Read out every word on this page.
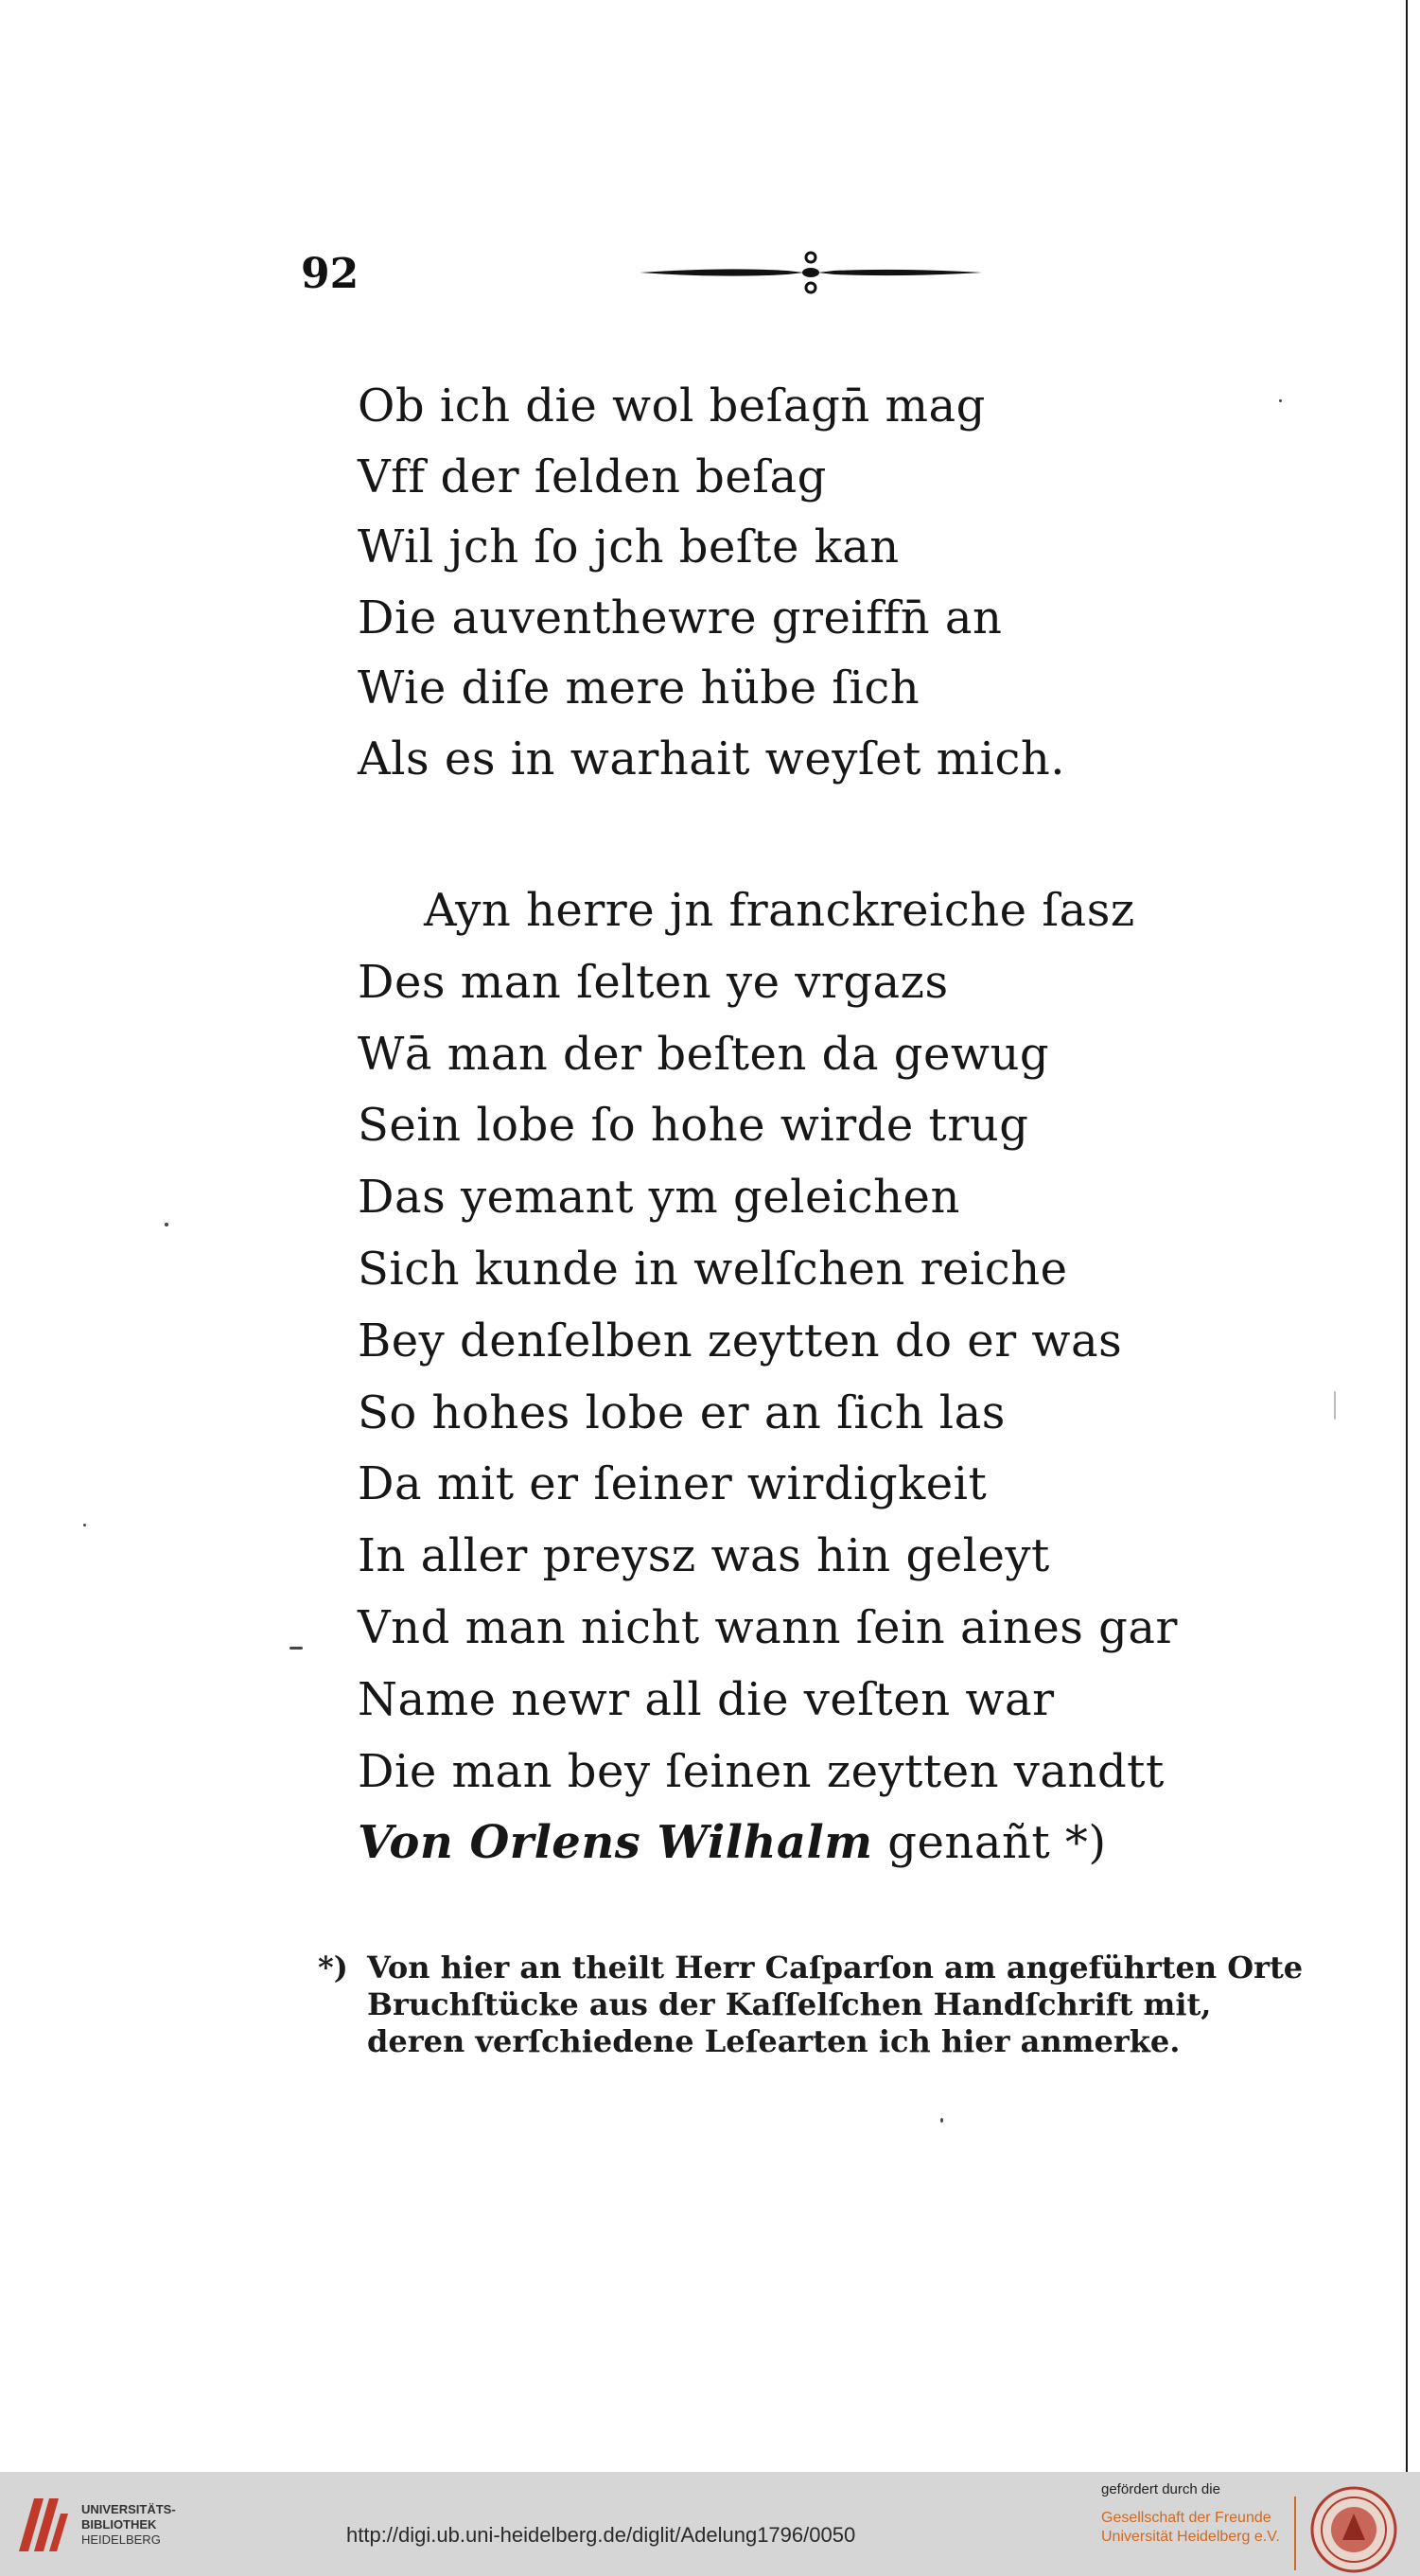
92
Ob ich die wol beſagn̄ mag
Vff der ſelden beſag
Wil jch ſo jch beſte kan
Die auventhewre greiffn̄ an
Wie diſe mere hübe ſich
Als es in warhait weyſet mich.
Ayn herre jn franckreiche ſasz
Des man ſelten ye vrgazs
Wā man der beſten da gewug
Sein lobe ſo hohe wirde trug
Das yemant ym geleichen
Sich kunde in welſchen reiche
Bey denſelben zeytten do er was
So hohes lobe er an ſich las
Da mit er ſeiner wirdigkeit
In aller preysz was hin geleyt
Vnd man nicht wann ſein aines gar
Name newr all die veſten war
Die man bey ſeinen zeytten vandtt
Von Orlens Wilhalm genañt *)
*) Von hier an theilt Herr Caſparſon am angeführten Orte Bruchſtücke aus der Kaſſelſchen Handſchrift mit, deren verſchiedene Leſearten ich hier anmerke.
UNIVERSITÄTS-
BIBLIOTHEK
HEIDELBERG	http://digi.ub.uni-heidelberg.de/diglit/Adelung1796/0050
gefördert durch die
Gesellschaft der Freunde
Universität Heidelberg e.V.
